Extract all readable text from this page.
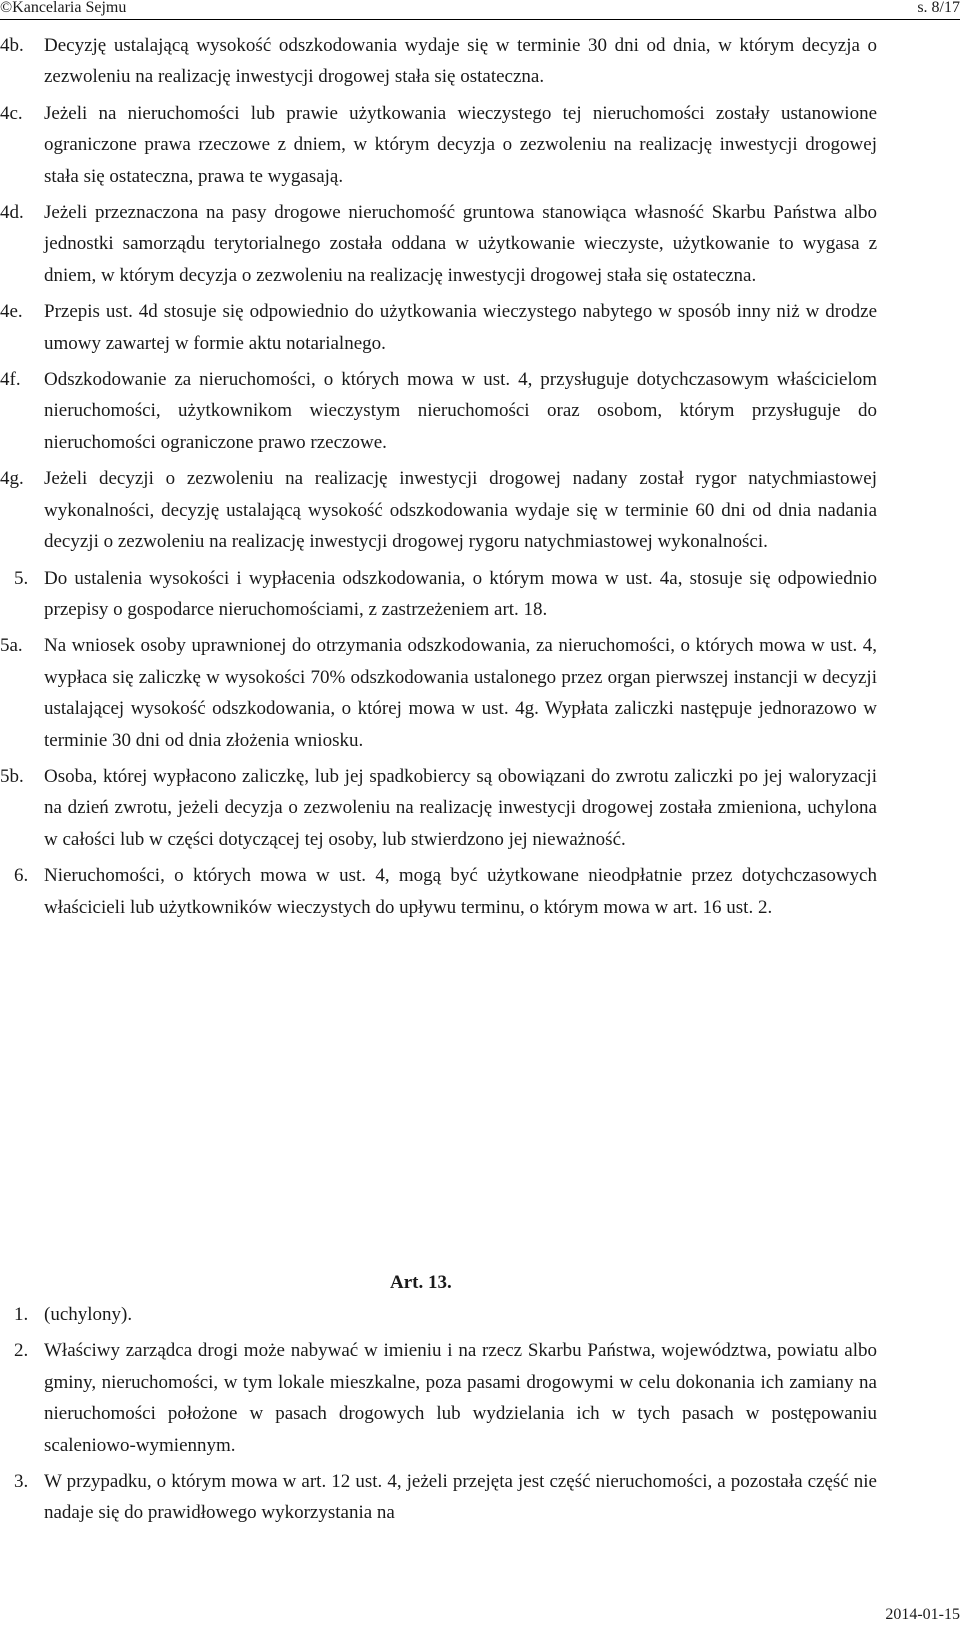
©Kancelaria Sejmu	s. 8/17
4b. Decyzję ustalającą wysokość odszkodowania wydaje się w terminie 30 dni od dnia, w którym decyzja o zezwoleniu na realizację inwestycji drogowej stała się ostateczna.
4c. Jeżeli na nieruchomości lub prawie użytkowania wieczystego tej nieruchomości zostały ustanowione ograniczone prawa rzeczowe z dniem, w którym decyzja o zezwoleniu na realizację inwestycji drogowej stała się ostateczna, prawa te wygasają.
4d. Jeżeli przeznaczona na pasy drogowe nieruchomość gruntowa stanowiąca własność Skarbu Państwa albo jednostki samorządu terytorialnego została oddana w użytkowanie wieczyste, użytkowanie to wygasa z dniem, w którym decyzja o zezwoleniu na realizację inwestycji drogowej stała się ostateczna.
4e. Przepis ust. 4d stosuje się odpowiednio do użytkowania wieczystego nabytego w sposób inny niż w drodze umowy zawartej w formie aktu notarialnego.
4f. Odszkodowanie za nieruchomości, o których mowa w ust. 4, przysługuje dotychczasowym właścicielom nieruchomości, użytkownikom wieczystym nieruchomości oraz osobom, którym przysługuje do nieruchomości ograniczone prawo rzeczowe.
4g. Jeżeli decyzji o zezwoleniu na realizację inwestycji drogowej nadany został rygor natychmiastowej wykonalności, decyzję ustalającą wysokość odszkodowania wydaje się w terminie 60 dni od dnia nadania decyzji o zezwoleniu na realizację inwestycji drogowej rygoru natychmiastowej wykonalności.
5. Do ustalenia wysokości i wypłacenia odszkodowania, o którym mowa w ust. 4a, stosuje się odpowiednio przepisy o gospodarce nieruchomościami, z zastrzeżeniem art. 18.
5a. Na wniosek osoby uprawnionej do otrzymania odszkodowania, za nieruchomości, o których mowa w ust. 4, wypłaca się zaliczkę w wysokości 70% odszkodowania ustalonego przez organ pierwszej instancji w decyzji ustalającej wysokość odszkodowania, o której mowa w ust. 4g. Wypłata zaliczki następuje jednorazowo w terminie 30 dni od dnia złożenia wniosku.
5b. Osoba, której wypłacono zaliczkę, lub jej spadkobiercy są obowiązani do zwrotu zaliczki po jej waloryzacji na dzień zwrotu, jeżeli decyzja o zezwoleniu na realizację inwestycji drogowej została zmieniona, uchylona w całości lub w części dotyczącej tej osoby, lub stwierdzono jej nieważność.
6. Nieruchomości, o których mowa w ust. 4, mogą być użytkowane nieodpłatnie przez dotychczasowych właścicieli lub użytkowników wieczystych do upływu terminu, o którym mowa w art. 16 ust. 2.
Art. 13.
1. (uchylony).
2. Właściwy zarządca drogi może nabywać w imieniu i na rzecz Skarbu Państwa, województwa, powiatu albo gminy, nieruchomości, w tym lokale mieszkalne, poza pasami drogowymi w celu dokonania ich zamiany na nieruchomości położone w pasach drogowych lub wydzielania ich w tych pasach w postępowaniu scaleniowo-wymiennym.
3. W przypadku, o którym mowa w art. 12 ust. 4, jeżeli przejęta jest część nieruchomości, a pozostała część nie nadaje się do prawidłowego wykorzystania na
2014-01-15
